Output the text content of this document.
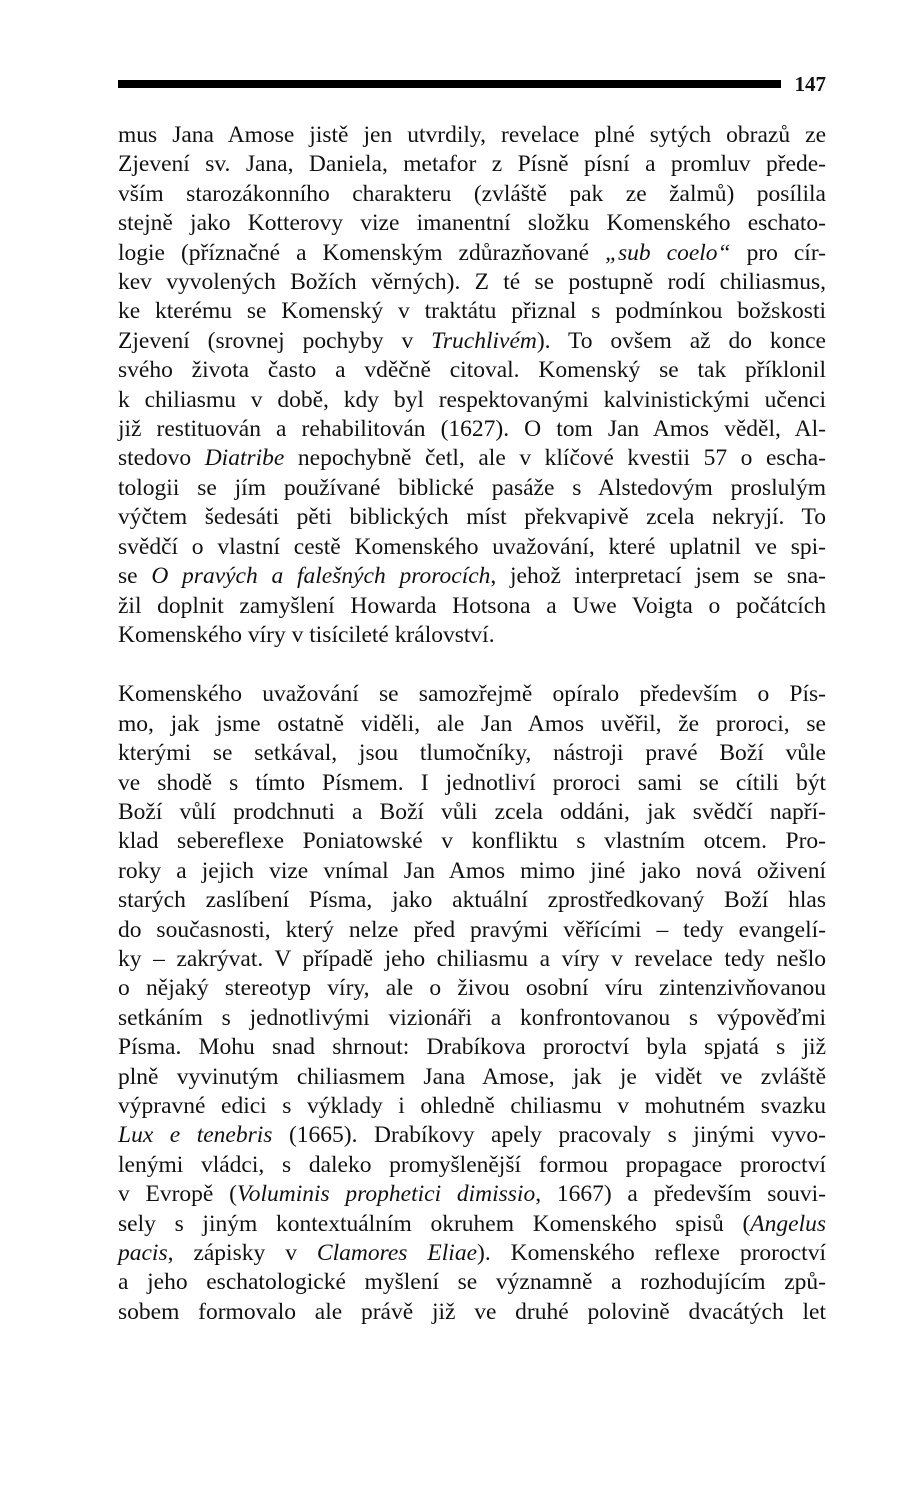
147
mus Jana Amose jistě jen utvrdily, revelace plné sytých obrazů ze
Zjevení sv. Jana, Daniela, metafor z Písně písní a promluv přede-
vším starozákonního charakteru (zvláště pak ze žalmů) posílila
stejně jako Kotterovy vize imanentní složku Komenského eschato-
logie (příznačné a Komenským zdůrazňované „sub coelo“ pro cír-
kev vyvolených Božích věrných). Z té se postupně rodí chiliasmus,
ke kterému se Komenský v traktátu přiznal s podmínkou božskosti
Zjevení (srovnej pochyby v Truchlivém). To ovšem až do konce
svého života často a vděčně citoval. Komenský se tak příklonil
k chiliasmu v době, kdy byl respektovanými kalvinistickými učenci
již restituován a rehabilitován (1627). O tom Jan Amos věděl, Al-
stedovo Diatribe nepochybně četl, ale v klíčové kvestii 57 o escha-
tologii se jím používané biblické pasáže s Alstedovým proslulým
výčtem šedesáti pěti biblických míst překvapivě zcela nekryjí. To
svědčí o vlastní cestě Komenského uvažování, které uplatnil ve spi-
se O pravých a falešných prorocích, jehož interpretací jsem se sna-
žil doplnit zamyšlení Howarda Hotsona a Uwe Voigta o počátcích
Komenského víry v tisícileté království.
Komenského uvažování se samozřejmě opíralo především o Pís-
mo, jak jsme ostatně viděli, ale Jan Amos uvěřil, že proroci, se
kterými se setkával, jsou tlumočníky, nástroji pravé Boží vůle
ve shodě s tímto Písmem. I jednotliví proroci sami se cítili být
Boží vůlí prodchnuti a Boží vůli zcela oddáni, jak svědčí napří-
klad sebereflexe Poniatowské v konfliktu s vlastním otcem. Pro-
roky a jejich vize vnímal Jan Amos mimo jiné jako nová oživení
starých zaslíbení Písma, jako aktuální zprostředkovaný Boží hlas
do současnosti, který nelze před pravými věřícími – tedy evangelí-
ky – zakrývat. V případě jeho chiliasmu a víry v revelace tedy nešlo
o nějaký stereotyp víry, ale o živou osobní víru zintenzivňovanou
setkáním s jednotlivými vizionáři a konfrontovanou s výpověďmi
Písma. Mohu snad shrnout: Drabíkova proroctví byla spjatá s již
plně vyvinutým chiliasmem Jana Amose, jak je vidět ve zvláště
výpravné edici s výklady i ohledně chiliasmu v mohutném svazku
Lux e tenebris (1665). Drabíkovy apely pracovaly s jinými vyvo-
lenými vládci, s daleko promyšlenější formou propagace proroctví
v Evropě (Voluminis prophetici dimissio, 1667) a především souvi-
sely s jiným kontextuálním okruhem Komenského spisů (Angelus
pacis, zápisky v Clamores Eliae). Komenského reflexe proroctví
a jeho eschatologické myšlení se významně a rozhodujícím způ-
sobem formovalo ale právě již ve druhé polovině dvacátých let
